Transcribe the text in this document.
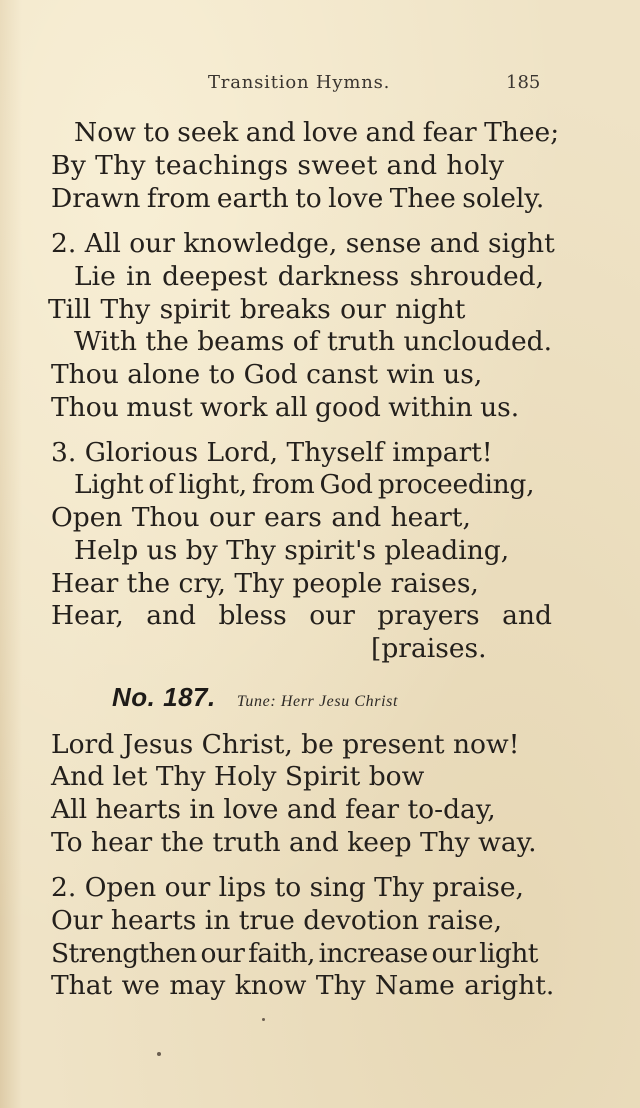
Transition Hymns.	185
Now to seek and love and fear Thee;
By Thy teachings sweet and holy
Drawn from earth to love Thee solely.
2. All our knowledge, sense and sight
Lie in deepest darkness shrouded,
Till Thy spirit breaks our night
With the beams of truth unclouded.
Thou alone to God canst win us,
Thou must work all good within us.
3. Glorious Lord, Thyself impart!
Light of light, from God proceeding,
Open Thou our ears and heart,
Help us by Thy spirit's pleading,
Hear the cry, Thy people raises,
Hear, and bless our prayers and
[praises.
No. 187. Tune: Herr Jesu Christ
Lord Jesus Christ, be present now!
And let Thy Holy Spirit bow
All hearts in love and fear to-day,
To hear the truth and keep Thy way.
2. Open our lips to sing Thy praise,
Our hearts in true devotion raise,
Strengthen our faith, increase our light
That we may know Thy Name aright.
